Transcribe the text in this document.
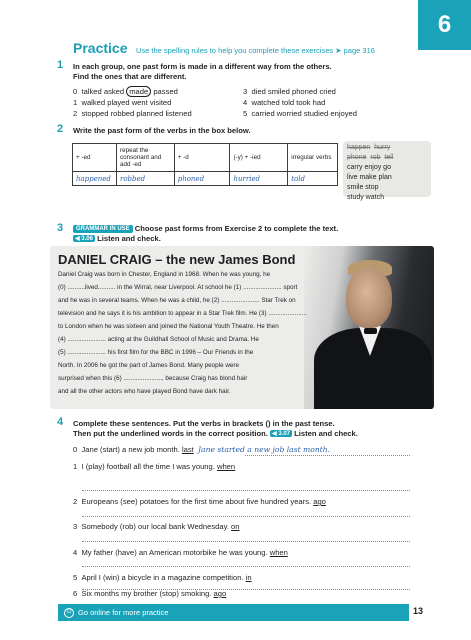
6
Practice Use the spelling rules to help you complete these exercises ➤ page 316
1 In each group, one past form is made in a different way from the others.
Find the ones that are different.
0 talked asked made passed
1 walked played went visited
2 stopped robbed planned listened
3 died smiled phoned cried
4 watched told took had
5 carried worried studied enjoyed
2 Write the past form of the verbs in the box below.
+ -ed	repeat the consonant and add -ed	+ -d	(-y) + -ied	irregular verbs
happened	robbed	phoned	hurried	told
happen hurry
phone rob tell
carry enjoy go
live make plan
smile stop
study watch
3	GRAMMAR IN USE Choose past forms from Exercise 2 to complete the text.
◀ 3.06 Listen and check.
DANIEL CRAIG – the new James Bond
Daniel Craig was born in Chester, England in 1968. When he was young, he
(0) ..........lived.......... in the Wirral, near Liverpool. At school he (1) ...................... sport
and he was in several teams. When he was a child, he (2) ...................... Star Trek on
television and he says it is his ambition to appear in a Star Trek film. He (3) ......................
to London when he was sixteen and joined the National Youth Theatre. He then
(4) ...................... acting at the Guildhall School of Music and Drama. He
(5) ...................... his first film for the BBC in 1996 – Our Friends in the
North. In 2006 he got the part of James Bond. Many people were
surprised when this (6) ......................, because Craig has blond hair
and all the other actors who have played Bond have dark hair.
4 Complete these sentences. Put the verbs in brackets () in the past tense.
Then put the underlined words in the correct position. ◀ 3.07 Listen and check.
0 Jane (start) a new job month. last Jane started a new job last month.
1 I (play) football all the time I was young. when
2 Europeans (see) potatoes for the first time about five hundred years. ago
3 Somebody (rob) our local bank Wednesday. on
4 My father (have) an American motorbike he was young. when
5 April I (win) a bicycle in a magazine competition. in
6  Six months my brother (stop) smoking. ago
⏻ Go online for more practice	13
